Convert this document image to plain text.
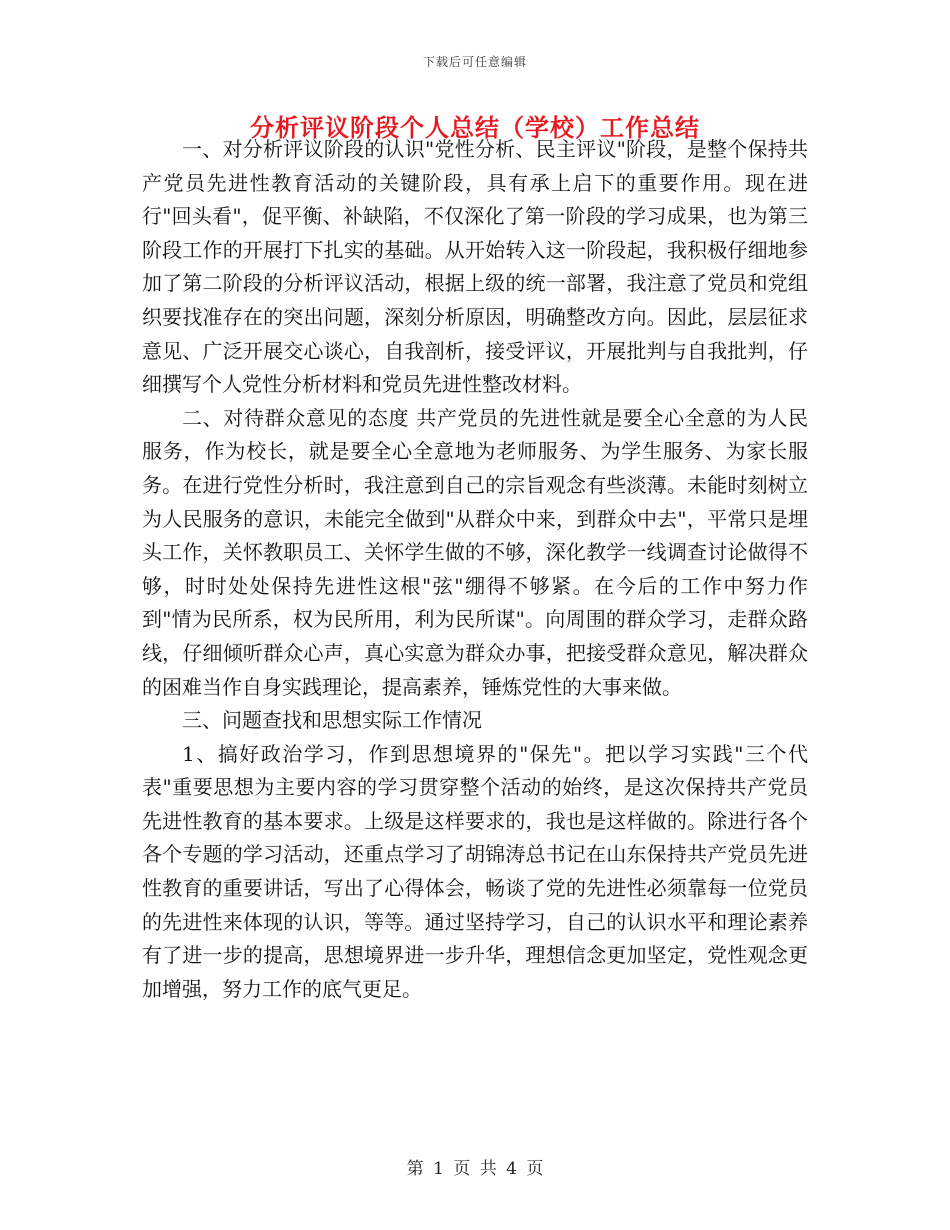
下载后可任意编辑
分析评议阶段个人总结（学校）工作总结

一、对分析评议阶段的认识"党性分析、民主评议"阶段，是整个保持共产党员先进性教育活动的关键阶段，具有承上启下的重要作用。现在进行"回头看"，促平衡、补缺陷，不仅深化了第一阶段的学习成果，也为第三阶段工作的开展打下扎实的基础。从开始转入这一阶段起，我积极仔细地参加了第二阶段的分析评议活动，根据上级的统一部署，我注意了党员和党组织要找准存在的突出问题，深刻分析原因，明确整改方向。因此，层层征求意见、广泛开展交心谈心，自我剖析，接受评议，开展批判与自我批判，仔细撰写个人党性分析材料和党员先进性整改材料。

二、对待群众意见的态度 共产党员的先进性就是要全心全意的为人民服务，作为校长，就是要全心全意地为老师服务、为学生服务、为家长服务。在进行党性分析时，我注意到自己的宗旨观念有些淡薄。未能时刻树立为人民服务的意识，未能完全做到"从群众中来，到群众中去"，平常只是埋头工作，关怀教职员工、关怀学生做的不够，深化教学一线调查讨论做得不够，时时处处保持先进性这根"弦"绷得不够紧。在今后的工作中努力作到"情为民所系，权为民所用，利为民所谋"。向周围的群众学习，走群众路线，仔细倾听群众心声，真心实意为群众办事，把接受群众意见，解决群众的困难当作自身实践理论，提高素养，锤炼党性的大事来做。

三、问题查找和思想实际工作情况

1、搞好政治学习，作到思想境界的"保先"。把以学习实践"三个代表"重要思想为主要内容的学习贯穿整个活动的始终，是这次保持共产党员先进性教育的基本要求。上级是这样要求的，我也是这样做的。除进行各个各个专题的学习活动，还重点学习了胡锦涛总书记在山东保持共产党员先进性教育的重要讲话，写出了心得体会，畅谈了党的先进性必须靠每一位党员的先进性来体现的认识，等等。通过坚持学习，自己的认识水平和理论素养有了进一步的提高，思想境界进一步升华，理想信念更加坚定，党性观念更加增强，努力工作的底气更足。

第 1 页 共 4 页
